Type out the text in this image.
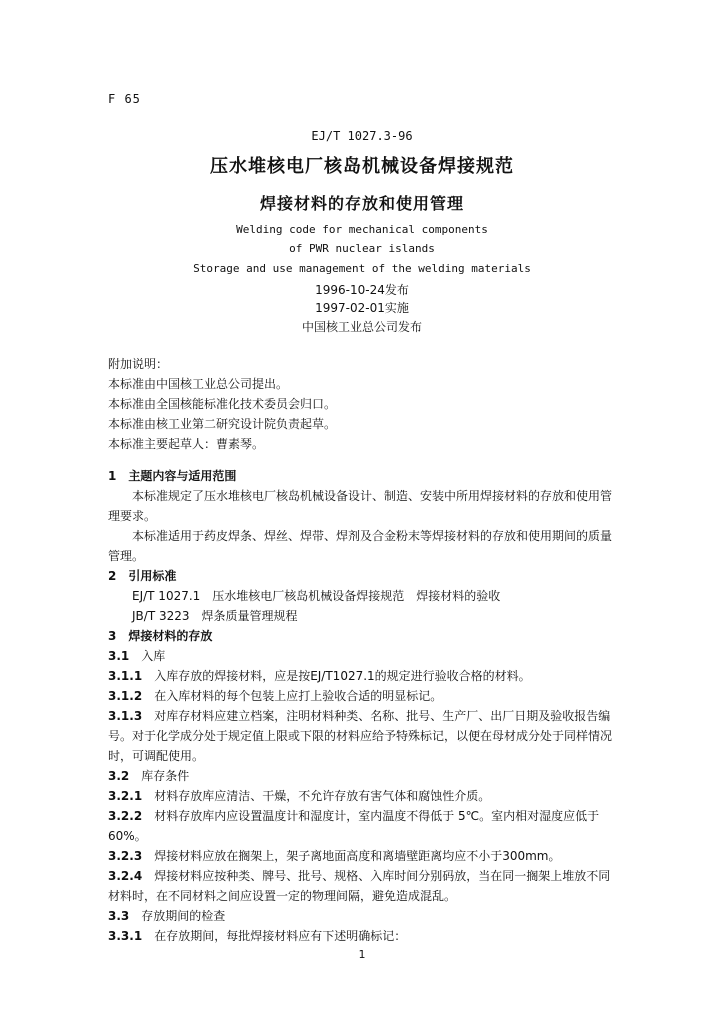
F 65
EJ/T 1027.3-96
压水堆核电厂核岛机械设备焊接规范
焊接材料的存放和使用管理
Welding code for mechanical components
of PWR nuclear islands
Storage and use management of the welding materials
1996-10-24发布
1997-02-01实施
中国核工业总公司发布

附加说明：

本标准由中国核工业总公司提出。

本标准由全国核能标准化技术委员会归口。

本标准由核工业第二研究设计院负责起草。

本标准主要起草人：曹素琴。

1　主题内容与适用范围

本标准规定了压水堆核电厂核岛机械设备设计、制造、安装中所用焊接材料的存放和使用管理要求。

本标准适用于药皮焊条、焊丝、焊带、焊剂及合金粉末等焊接材料的存放和使用期间的质量管理。

2　引用标准

EJ/T 1027.1　压水堆核电厂核岛机械设备焊接规范　焊接材料的验收

JB/T 3223　焊条质量管理规程

3　焊接材料的存放

3.1　 入库

3.1.1　 入库存放的焊接材料，应是按EJ/T1027.1的规定进行验收合格的材料。

3.1.2　 在入库材料的每个包装上应打上验收合适的明显标记。

3.1.3　 对库存材料应建立档案，注明材料种类、名称、批号、生产厂、出厂日期及验收报告编号。对于化学成分处于规定值上限或下限的材料应给予特殊标记，以便在母材成分处于同样情况时，可调配使用。

3.2　 库存条件

3.2.1　 材料存放库应清洁、干燥，不允许存放有害气体和腐蚀性介质。

3.2.2　 材料存放库内应设置温度计和湿度计，室内温度不得低于 5℃。室内相对湿度应低于60%。

3.2.3　 焊接材料应放在搁架上，架子离地面高度和离墙壁距离均应不小于300mm。

3.2.4　 焊接材料应按种类、牌号、批号、规格、入库时间分别码放，当在同一搁架上堆放不同材料时，在不同材料之间应设置一定的物理间隔，避免造成混乱。

3.3　 存放期间的检查

3.3.1　 在存放期间，每批焊接材料应有下述明确标记：

1
